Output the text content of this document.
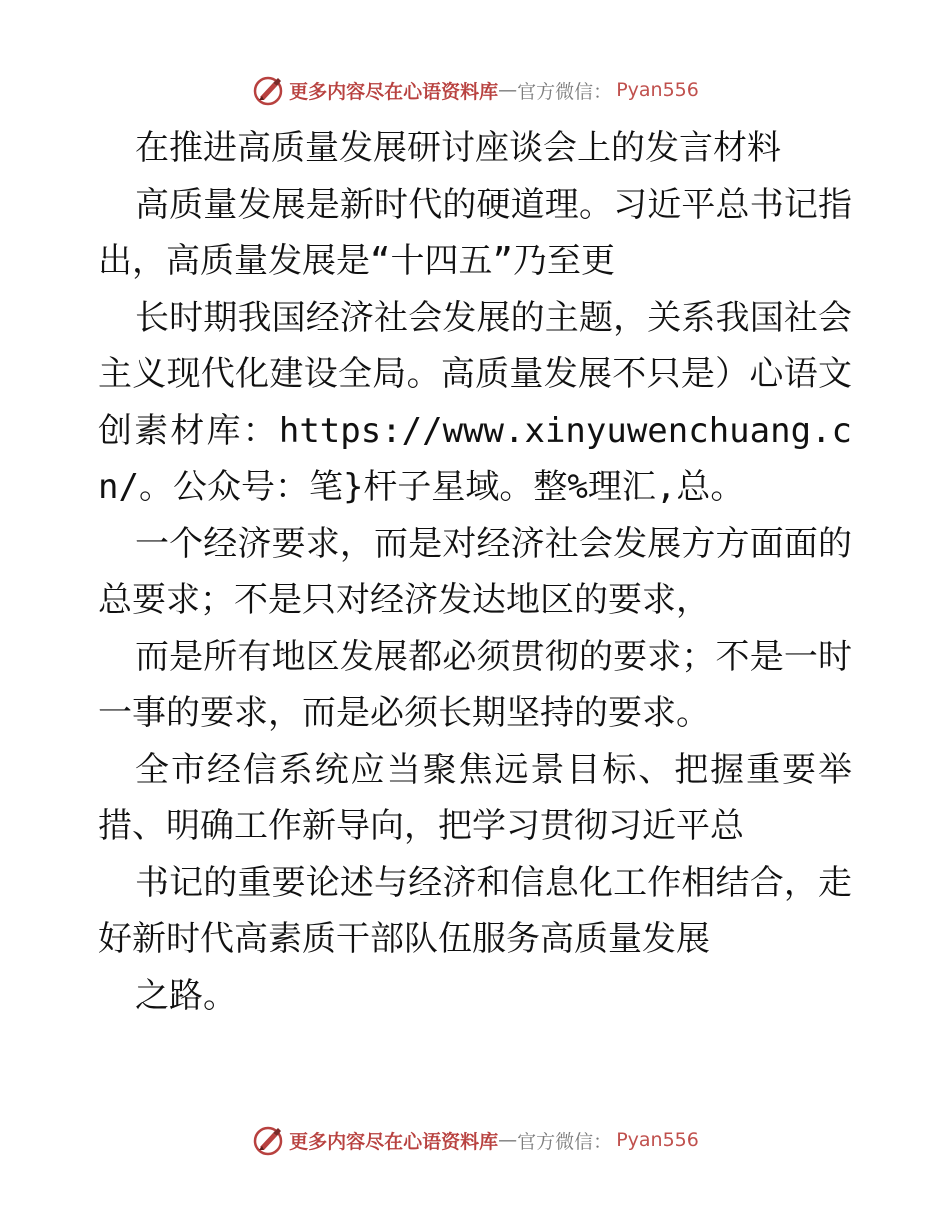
更多内容尽在心语资料库 — 官方微信： Pyan556

在推进高质量发展研讨座谈会上的发言材料

高质量发展是新时代的硬道理。习近平总书记指出，高质量发展是“十四五”乃至更

长时期我国经济社会发展的主题，关系我国社会主义现代化建设全局。高质量发展不只是）心语文创素材库：https://www.xinyuwenchuang.cn/。公众号：笔}杆子星域。整%理汇,总。

一个经济要求，而是对经济社会发展方方面面的总要求；不是只对经济发达地区的要求，

而是所有地区发展都必须贯彻的要求；不是一时一事的要求，而是必须长期坚持的要求。

全市经信系统应当聚焦远景目标、把握重要举措、明确工作新导向，把学习贯彻习近平总

书记的重要论述与经济和信息化工作相结合，走好新时代高素质干部队伍服务高质量发展

之路。

更多内容尽在心语资料库 — 官方微信： Pyan556
